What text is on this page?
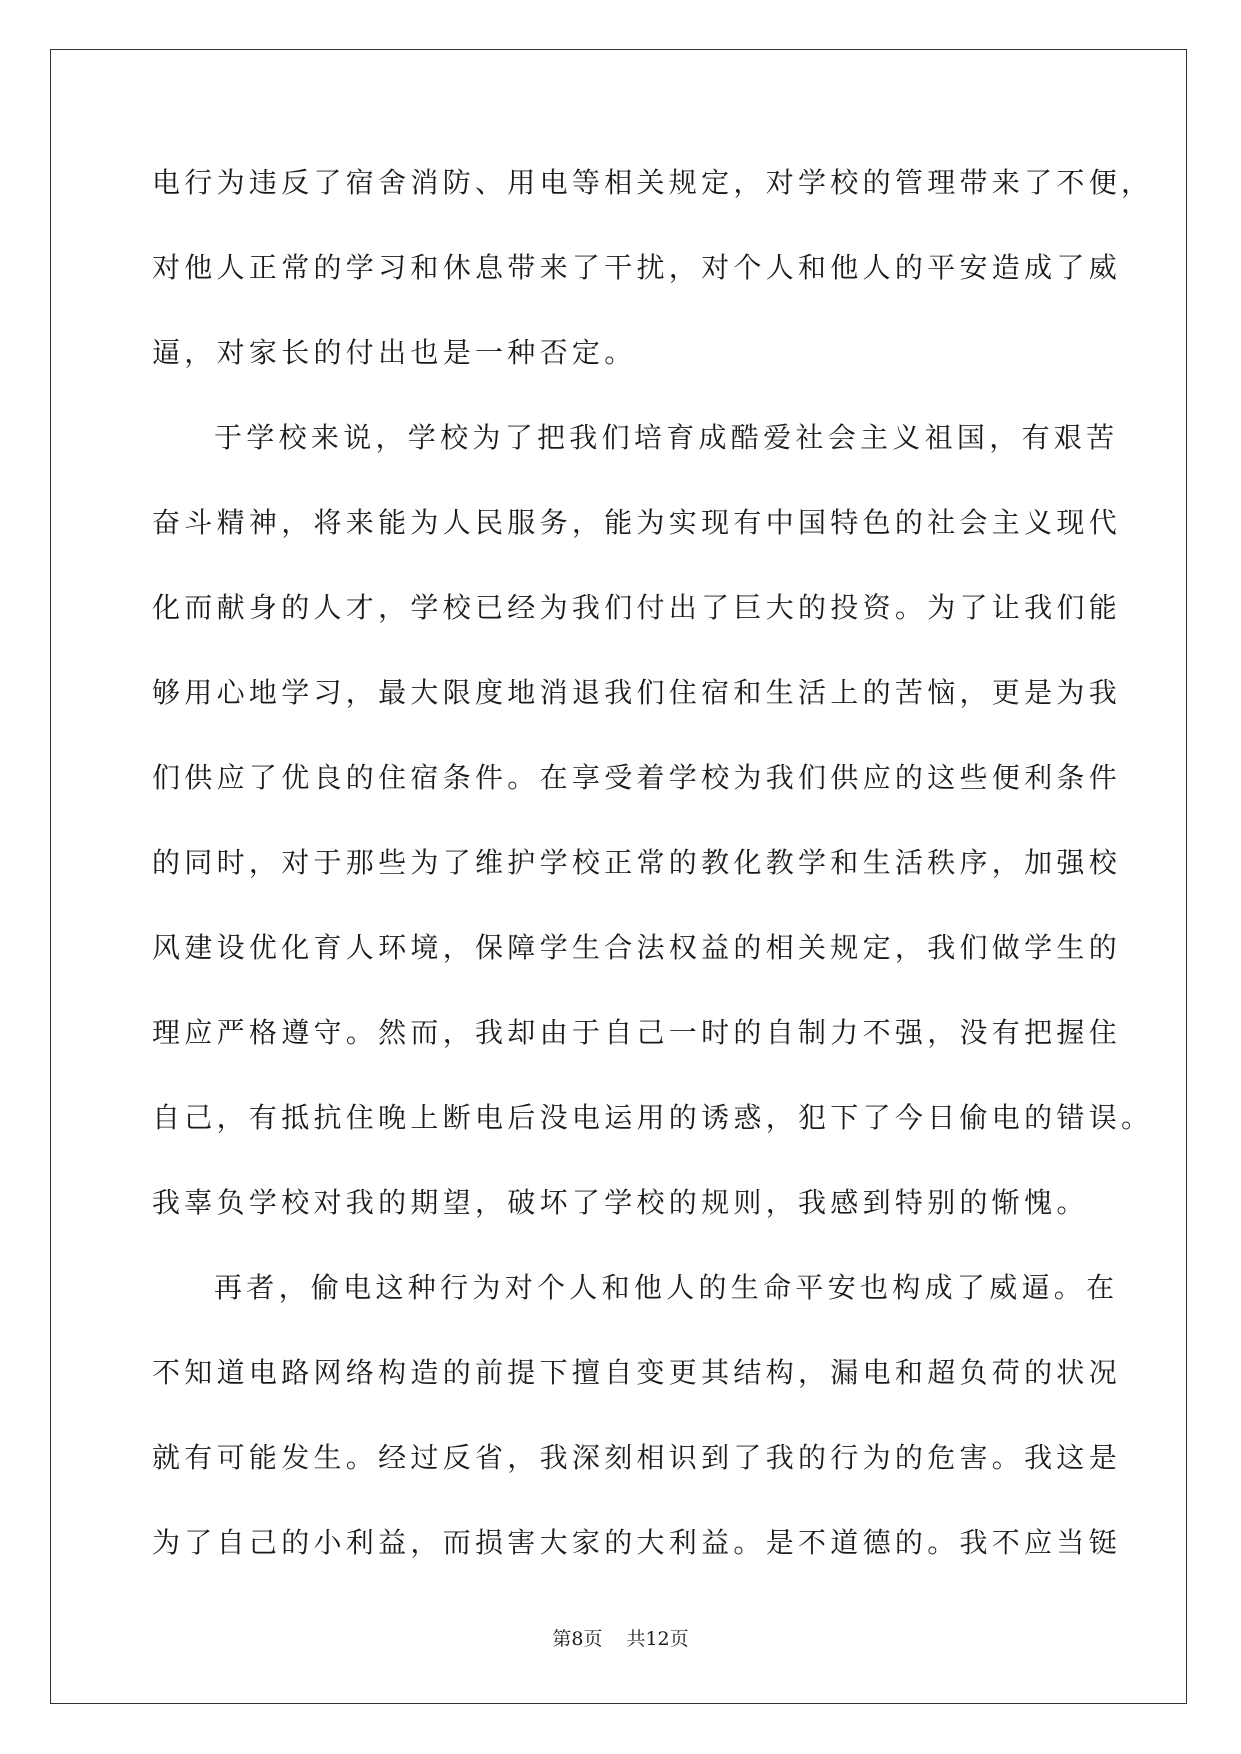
电行为违反了宿舍消防、用电等相关规定，对学校的管理带来了不便，
对他人正常的学习和休息带来了干扰，对个人和他人的平安造成了威
逼，对家长的付出也是一种否定。
于学校来说，学校为了把我们培育成酷爱社会主义祖国，有艰苦
奋斗精神，将来能为人民服务，能为实现有中国特色的社会主义现代
化而献身的人才，学校已经为我们付出了巨大的投资。为了让我们能
够用心地学习，最大限度地消退我们住宿和生活上的苦恼，更是为我
们供应了优良的住宿条件。在享受着学校为我们供应的这些便利条件
的同时，对于那些为了维护学校正常的教化教学和生活秩序，加强校
风建设优化育人环境，保障学生合法权益的相关规定，我们做学生的
理应严格遵守。然而，我却由于自己一时的自制力不强，没有把握住
自己，有抵抗住晚上断电后没电运用的诱惑，犯下了今日偷电的错误。
我辜负学校对我的期望，破坏了学校的规则，我感到特别的惭愧。
再者，偷电这种行为对个人和他人的生命平安也构成了威逼。在
不知道电路网络构造的前提下擅自变更其结构，漏电和超负荷的状况
就有可能发生。经过反省，我深刻相识到了我的行为的危害。我这是
为了自己的小利益，而损害大家的大利益。是不道德的。我不应当铤
第8页 共12页
